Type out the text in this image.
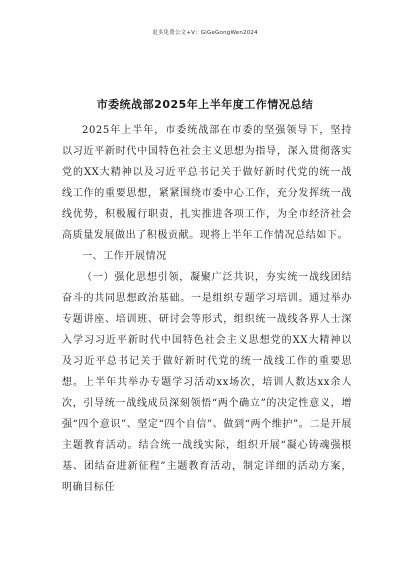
更多免费公文+V：GiGeGongWen2024
市委统战部2025年上半年度工作情况总结

2025年上半年，市委统战部在市委的坚强领导下，坚持以习近平新时代中国特色社会主义思想为指导，深入贯彻落实党的XX大精神以及习近平总书记关于做好新时代党的统一战线工作的重要思想，紧紧围绕市委中心工作，充分发挥统一战线优势，积极履行职责，扎实推进各项工作，为全市经济社会高质量发展做出了积极贡献。现将上半年工作情况总结如下。

一、工作开展情况

（一）强化思想引领，凝聚广泛共识，夯实统一战线团结奋斗的共同思想政治基础。一是组织专题学习培训。通过举办专题讲座、培训班、研讨会等形式，组织统一战线各界人士深入学习习近平新时代中国特色社会主义思想党的XX大精神以及习近平总书记关于做好新时代党的统一战线工作的重要思想。上半年共举办专题学习活动xx场次，培训人数达xx余人次，引导统一战线成员深刻领悟“两个确立”的决定性意义，增强“四个意识”、坚定“四个自信”、做到“两个维护”。二是开展主题教育活动。结合统一战线实际，组织开展“凝心铸魂强根基、团结奋进新征程”主题教育活动，制定详细的活动方案，明确目标任
